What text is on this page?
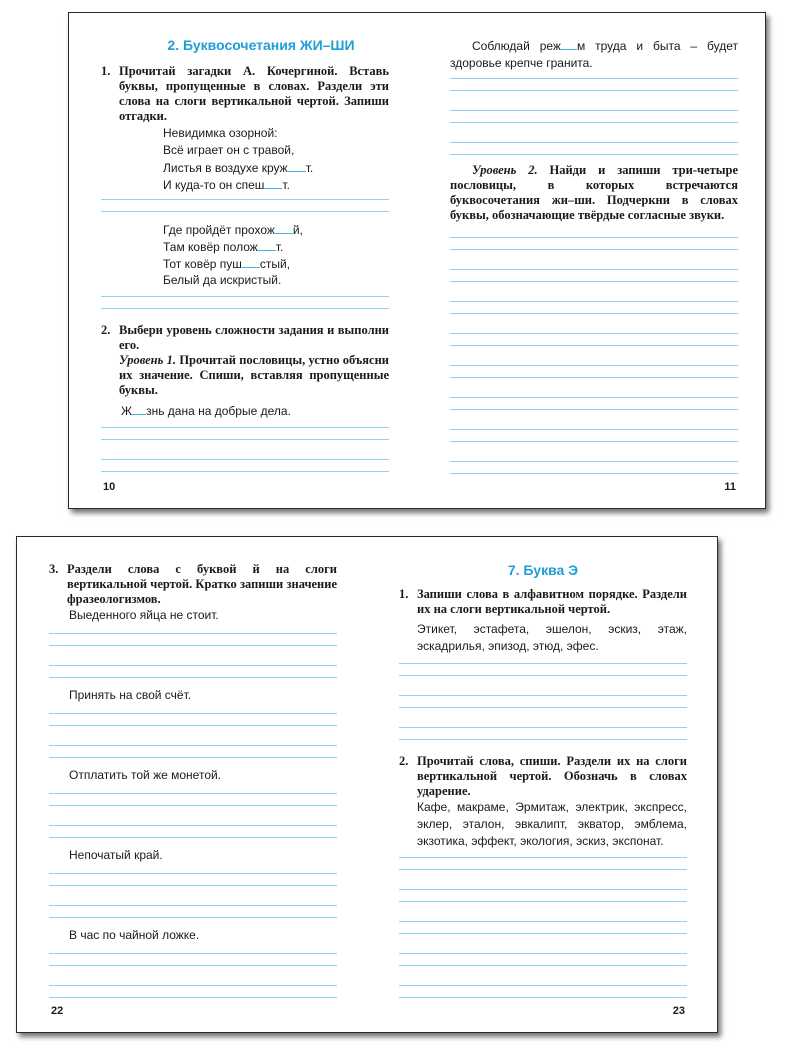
2. Буквосочетания ЖИ–ШИ
1. Прочитай загадки А. Кочергиной. Вставь буквы, пропущенные в словах. Раздели эти слова на слоги вертикальной чертой. Запиши отгадки.
Невидимка озорной:
Всё играет он с травой,
Листья в воздухе круж т.
И куда-то он спеш т.
Где пройдёт прохож й,
Там ковёр полож т.
Тот ковёр пуш стый,
Белый да искристый.
2. Выбери уровень сложности задания и выполни его.
Уровень 1. Прочитай пословицы, устно объясни их значение. Спиши, вставляя пропущенные буквы.
Ж знь дана на добрые дела.
10
Соблюдай реж м труда и быта – будет здоровье крепче гранита.
Уровень 2. Найди и запиши три-четыре пословицы, в которых встречаются буквосочетания жи–ши. Подчеркни в словах буквы, обозначающие твёрдые согласные звуки.
11
3. Раздели слова с буквой й на слоги вертикальной чертой. Кратко запиши значение фразеологизмов.
Выеденного яйца не стоит.
Принять на свой счёт.
Отплатить той же монетой.
Непочатый край.
В час по чайной ложке.
22
7. Буква Э
1. Запиши слова в алфавитном порядке. Раздели их на слоги вертикальной чертой.
Этикет, эстафета, эшелон, эскиз, этаж, эскадрилья, эпизод, этюд, эфес.
2. Прочитай слова, спиши. Раздели их на слоги вертикальной чертой. Обозначь в словах ударение.
Кафе, макраме, Эрмитаж, электрик, экспресс, эклер, эталон, эвкалипт, экватор, эмблема, экзотика, эффект, экология, эскиз, экспонат.
23
